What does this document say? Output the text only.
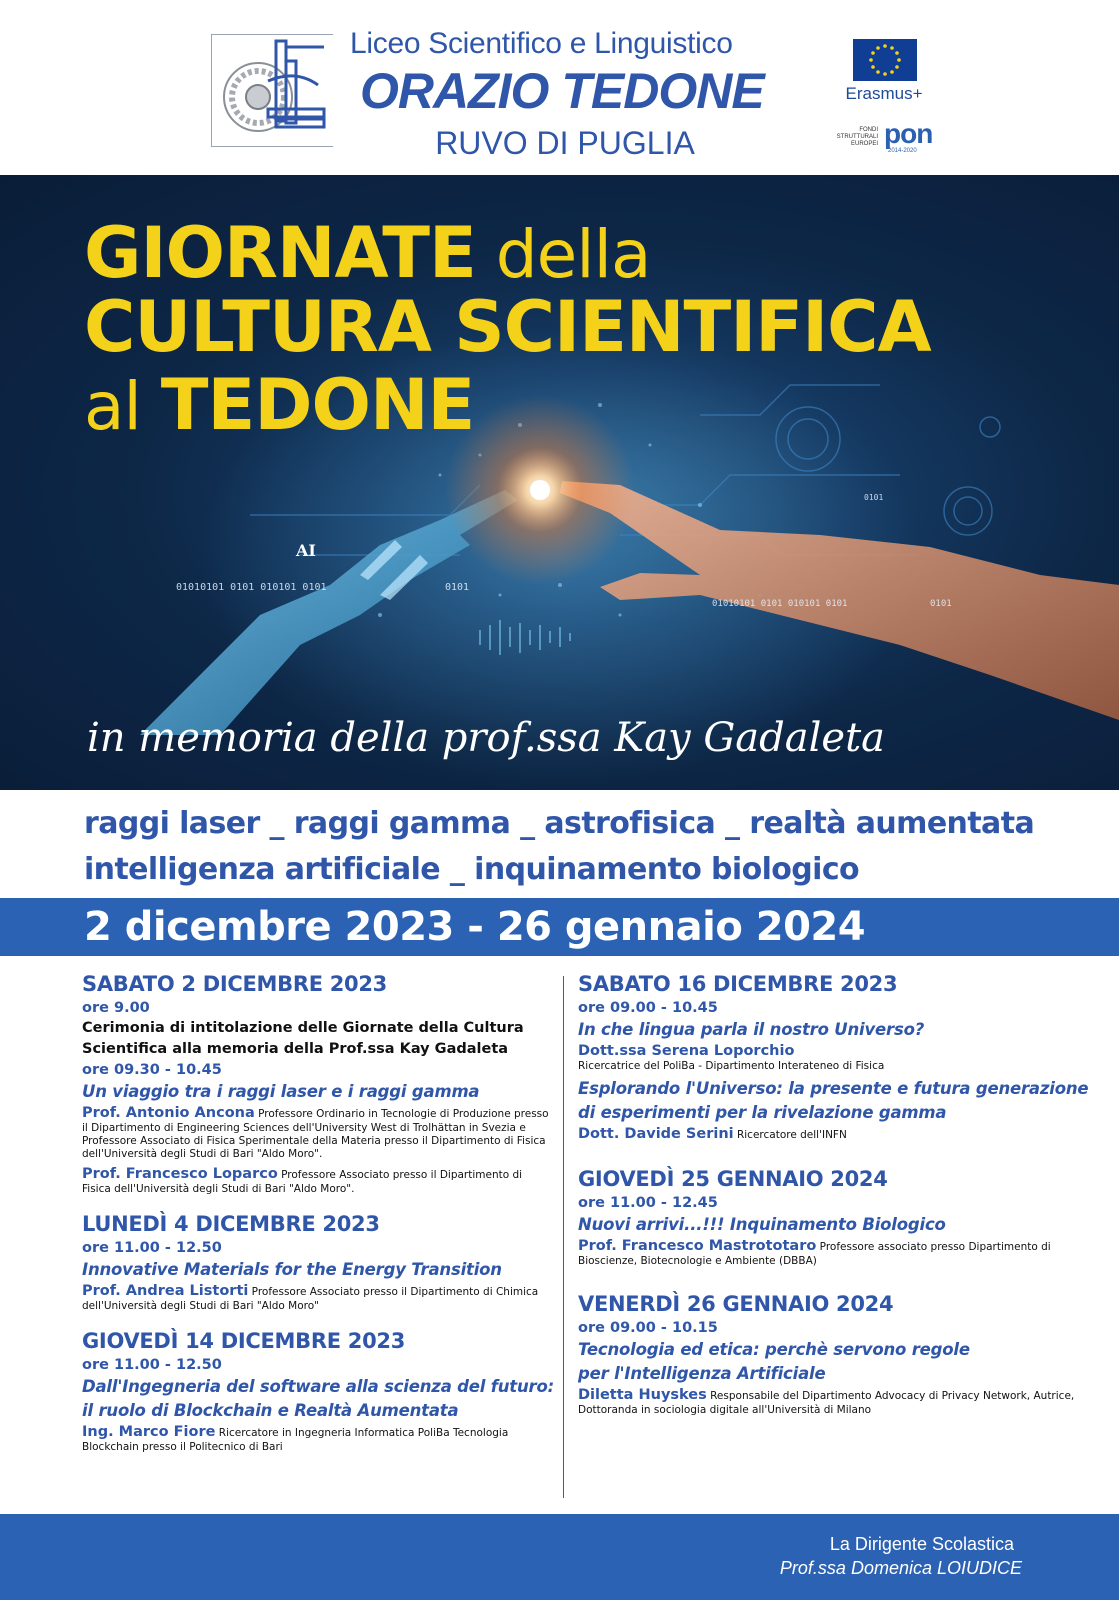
Liceo Scientifico e Linguistico
ORAZIO TEDONE
RUVO DI PUGLIA
Erasmus+
FONDI
STRUTTURALI
EUROPEI pon
2014-2020
GIORNATE della
CULTURA SCIENTIFICA
al TEDONE
AI
01010101 0101 010101 0101	0101
01010101 0101 010101 0101	0101
0101
in memoria della prof.ssa Kay Gadaleta
raggi laser _ raggi gamma _ astrofisica _ realtà aumentata
intelligenza artificiale _ inquinamento biologico
2 dicembre 2023 - 26 gennaio 2024
SABATO 2 DICEMBRE 2023
ore 9.00
Cerimonia di intitolazione delle Giornate della Cultura Scientifica alla memoria della Prof.ssa Kay Gadaleta
ore 09.30 - 10.45
Un viaggio tra i raggi laser e i raggi gamma
Prof. Antonio Ancona Professore Ordinario in Tecnologie di Produzione presso il Dipartimento di Engineering Sciences dell'University West di Trolhättan in Svezia e Professore Associato di Fisica Sperimentale della Materia presso il Dipartimento di Fisica dell'Università degli Studi di Bari "Aldo Moro".
Prof. Francesco Loparco Professore Associato presso il Dipartimento di Fisica dell'Università degli Studi di Bari "Aldo Moro".
LUNEDÌ 4 DICEMBRE 2023
ore 11.00 - 12.50
Innovative Materials for the Energy Transition
Prof. Andrea Listorti Professore Associato presso il Dipartimento di Chimica dell'Università degli Studi di Bari "Aldo Moro"
GIOVEDÌ 14 DICEMBRE 2023
ore 11.00 - 12.50
Dall'Ingegneria del software alla scienza del futuro:
il ruolo di Blockchain e Realtà Aumentata
Ing. Marco Fiore Ricercatore in Ingegneria Informatica PoliBa Tecnologia Blockchain presso il Politecnico di Bari
SABATO 16 DICEMBRE 2023
ore 09.00 - 10.45
In che lingua parla il nostro Universo?
Dott.ssa Serena Loporchio
Ricercatrice del PoliBa - Dipartimento Interateneo di Fisica
Esplorando l'Universo: la presente e futura generazione
di esperimenti per la rivelazione gamma
Dott. Davide Serini Ricercatore dell'INFN
GIOVEDÌ 25 GENNAIO 2024
ore 11.00 - 12.45
Nuovi arrivi...!!! Inquinamento Biologico
Prof. Francesco Mastrototaro Professore associato presso Dipartimento di Bioscienze, Biotecnologie e Ambiente (DBBA)
VENERDÌ 26 GENNAIO 2024
ore 09.00 - 10.15
Tecnologia ed etica: perchè servono regole
per l'Intelligenza Artificiale
Diletta Huyskes Responsabile del Dipartimento Advocacy di Privacy Network, Autrice, Dottoranda in sociologia digitale all'Università di Milano
La Dirigente Scolastica
Prof.ssa Domenica LOIUDICE
